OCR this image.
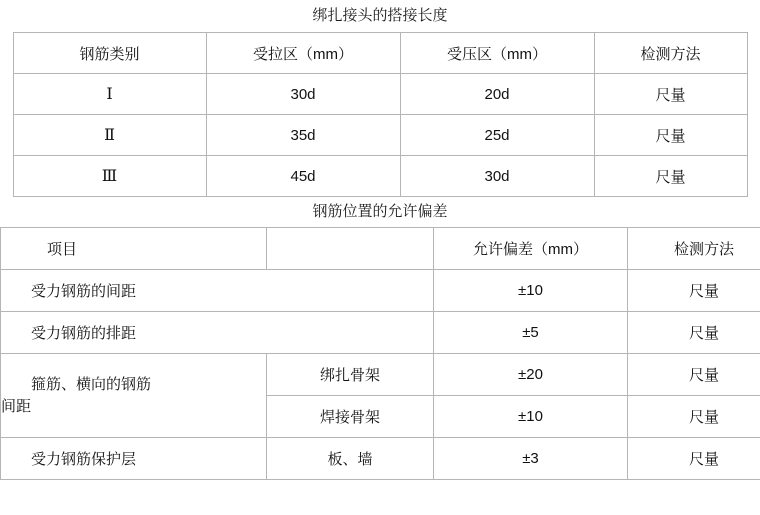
绑扎接头的搭接长度
钢筋类别	受拉区（mm）	受压区（mm）	检测方法
Ⅰ	30d	20d	尺量
Ⅱ	35d	25d	尺量
Ⅲ	45d	30d	尺量
钢筋位置的允许偏差
项目		允许偏差（mm）	检测方法
受力钢筋的间距		±10	尺量
受力钢筋的排距		±5	尺量

箍筋、横向的钢筋
间距	绑扎骨架	±20	尺量
	焊接骨架	±10	尺量
受力钢筋保护层	板、墙	±3	尺量
